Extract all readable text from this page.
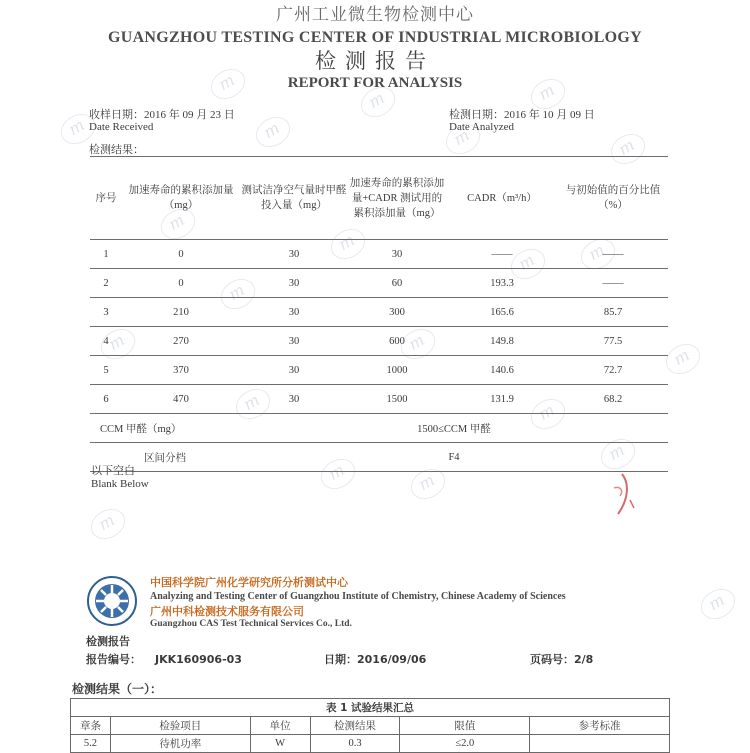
m
m
m
m
m
m
m
m
m
m
m
m
m
m
m
m
m
m
m
m
m
m
广州工业微生物检测中心
GUANGZHOU TESTING CENTER OF INDUSTRIAL MICROBIOLOGY
检测报告
REPORT FOR ANALYSIS
收样日期：2016 年 09 月 23 日
Date Received
检测日期：2016 年 10 月 09 日
Date Analyzed
检测结果：
序号	加速寿命的累积添加量（mg）	测试洁净空气量时甲醛投入量（mg）	加速寿命的累积添加量+CADR 测试用的累积添加量（mg）	CADR（m³/h）	与初始值的百分比值（%）
1	0	30	30	——	——
2	0	30	60	193.3	——
3	210	30	300	165.6	85.7
4	270	30	600	149.8	77.5
5	370	30	1000	140.6	72.7
6	470	30	1500	131.9	68.2
CCM 甲醛（mg）		1500≤CCM 甲醛			
区间分档		F4			
以下空白
Blank Below
中国科学院广州化学研究所分析测试中心
Analyzing and Testing Center of Guangzhou Institute of Chemistry, Chinese Academy of Sciences
广州中科检测技术服务有限公司
Guangzhou CAS Test Technical Services Co., Ltd.
检测报告
报告编号： JKK160906-03	日期：2016/09/06	页码号：2/8
检测结果（一）：
表 1 试验结果汇总					
章条	检验项目	单位	检测结果	限值	参考标准
5.2	待机功率	W	0.3	≤2.0	
